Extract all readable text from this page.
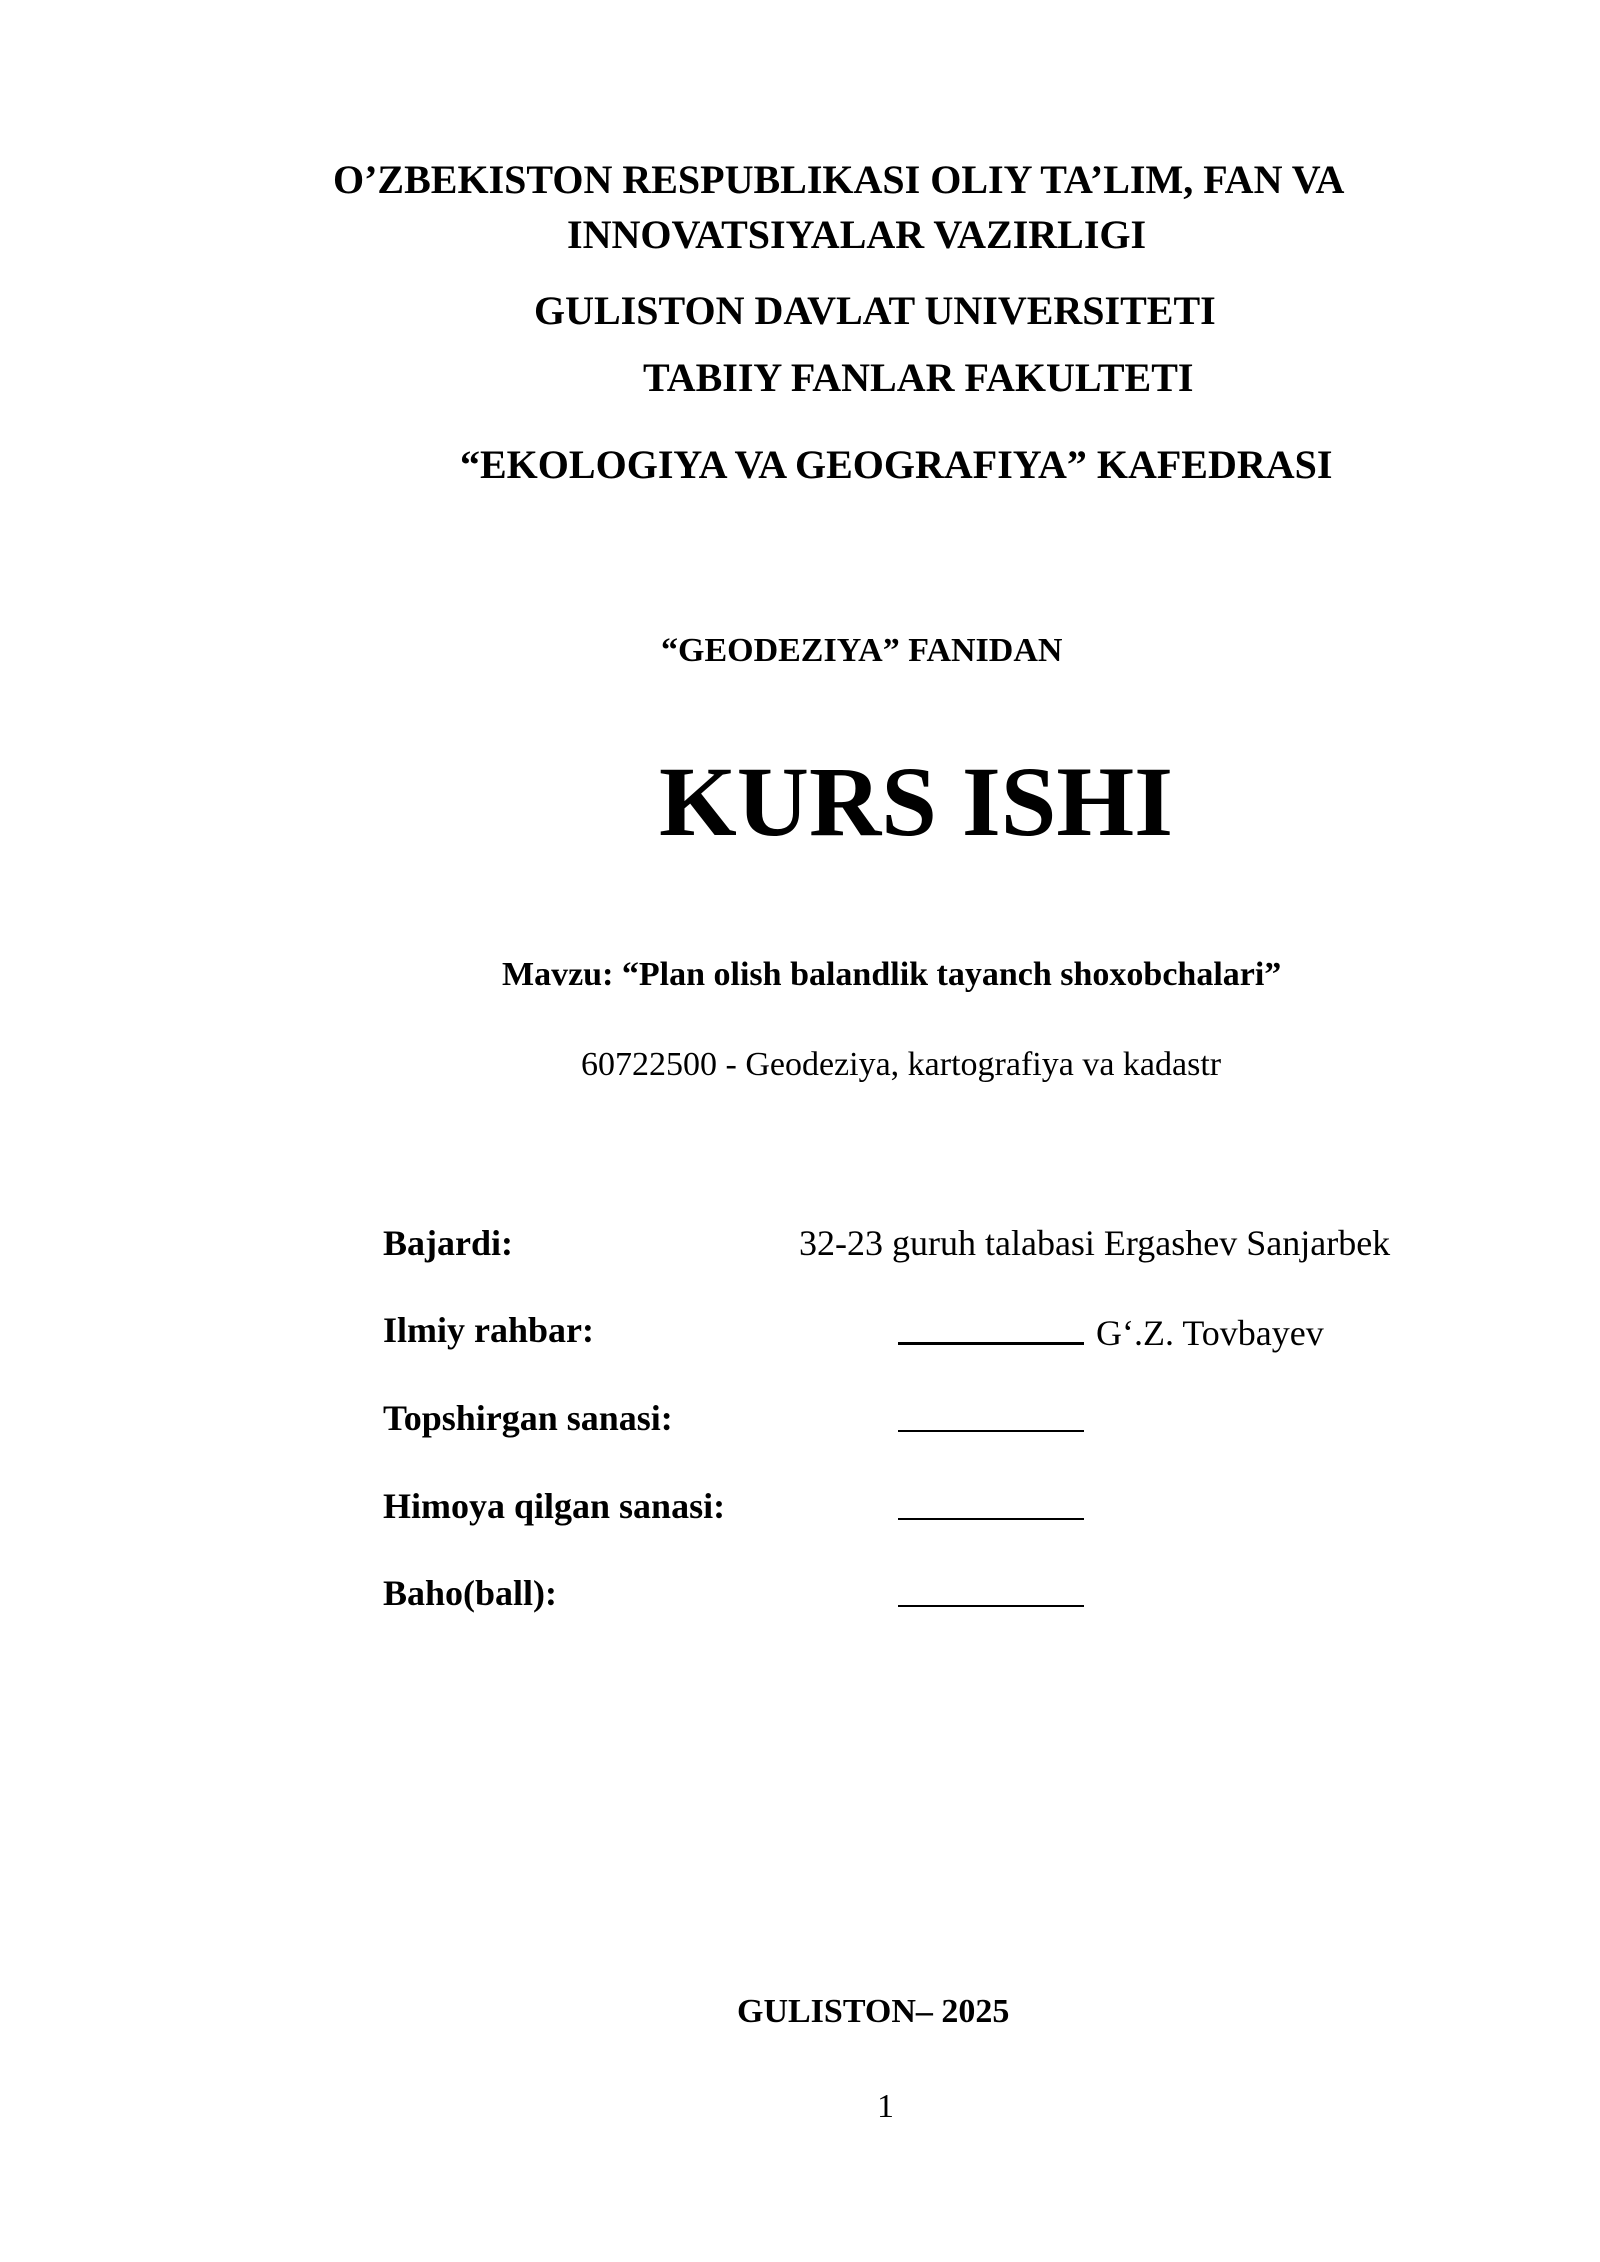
O’ZBEKISTON RESPUBLIKASI OLIY TA’LIM, FAN VA
INNOVATSIYALAR VAZIRLIGI
GULISTON DAVLAT UNIVERSITETI
TABIIY FANLAR FAKULTETI
“EKOLOGIYA VA GEOGRAFIYA” KAFEDRASI
“GEODEZIYA” FANIDAN
KURS ISHI
Mavzu: “Plan olish balandlik tayanch shoxobchalari”
60722500 - Geodeziya, kartografiya va kadastr
Bajardi:	32-23 guruh talabasi Ergashev Sanjarbek
Ilmiy rahbar:	G‘.Z. Tovbayev
Topshirgan sanasi:
Himoya qilgan sanasi:
Baho(ball):
GULISTON– 2025
1
